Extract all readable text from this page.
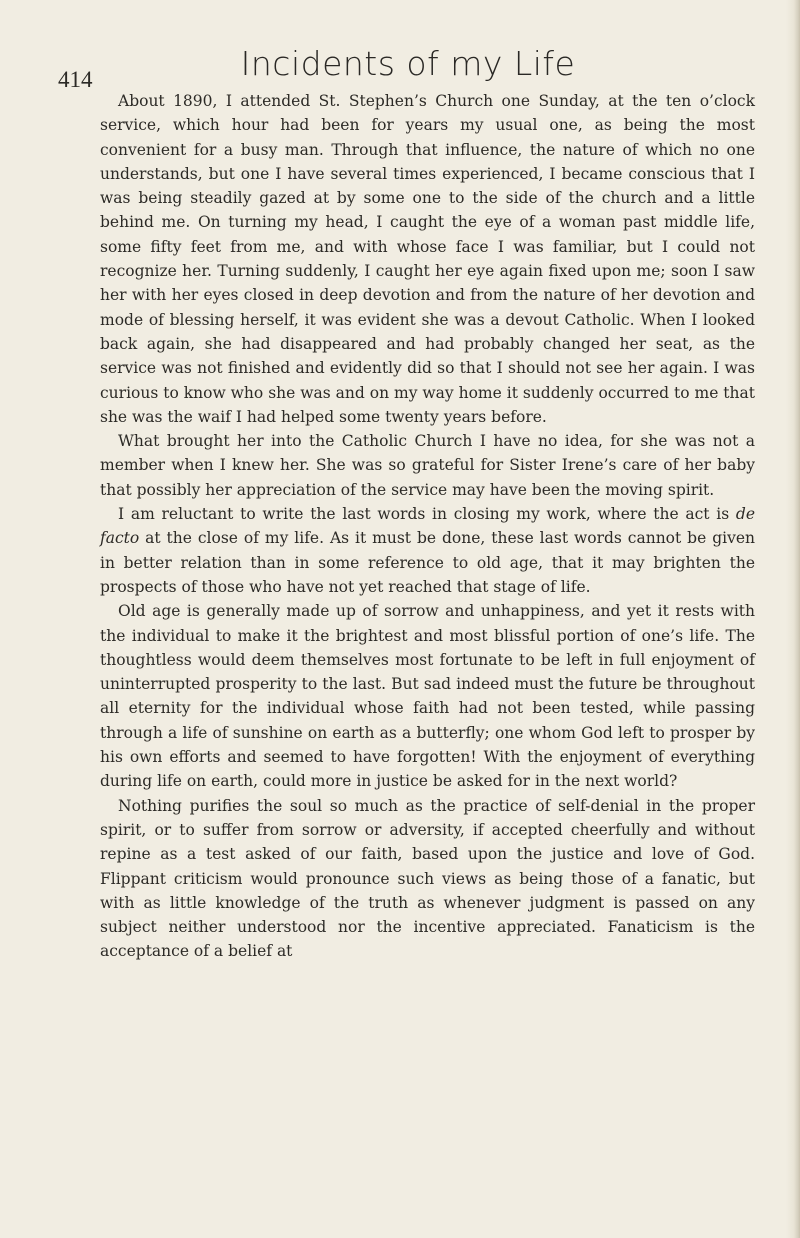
414	Incidents of my Life

About 1890, I attended St. Stephen’s Church one Sunday, at the ten o’clock service, which hour had been for years my usual one, as being the most convenient for a busy man. Through that influence, the nature of which no one understands, but one I have several times experienced, I became conscious that I was being steadily gazed at by some one to the side of the church and a little behind me. On turning my head, I caught the eye of a woman past middle life, some fifty feet from me, and with whose face I was familiar, but I could not recognize her. Turning suddenly, I caught her eye again fixed upon me; soon I saw her with her eyes closed in deep devotion and from the nature of her devotion and mode of blessing herself, it was evident she was a devout Catholic. When I looked back again, she had disappeared and had probably changed her seat, as the service was not finished and evidently did so that I should not see her again. I was curious to know who she was and on my way home it suddenly occurred to me that she was the waif I had helped some twenty years before.

What brought her into the Catholic Church I have no idea, for she was not a member when I knew her. She was so grateful for Sister Irene’s care of her baby that possibly her appreciation of the service may have been the moving spirit.

I am reluctant to write the last words in closing my work, where the act is de facto at the close of my life. As it must be done, these last words cannot be given in better relation than in some reference to old age, that it may brighten the prospects of those who have not yet reached that stage of life.

Old age is generally made up of sorrow and unhappiness, and yet it rests with the individual to make it the brightest and most blissful portion of one’s life. The thoughtless would deem themselves most fortunate to be left in full enjoyment of uninterrupted prosperity to the last. But sad indeed must the future be throughout all eternity for the individual whose faith had not been tested, while passing through a life of sunshine on earth as a butterfly; one whom God left to prosper by his own efforts and seemed to have forgotten! With the enjoyment of everything during life on earth, could more in justice be asked for in the next world?

Nothing purifies the soul so much as the practice of self-denial in the proper spirit, or to suffer from sorrow or adversity, if accepted cheerfully and without repine as a test asked of our faith, based upon the justice and love of God. Flippant criticism would pronounce such views as being those of a fanatic, but with as little knowledge of the truth as whenever judgment is passed on any subject neither understood nor the incentive appreciated. Fanaticism is the acceptance of a belief at
